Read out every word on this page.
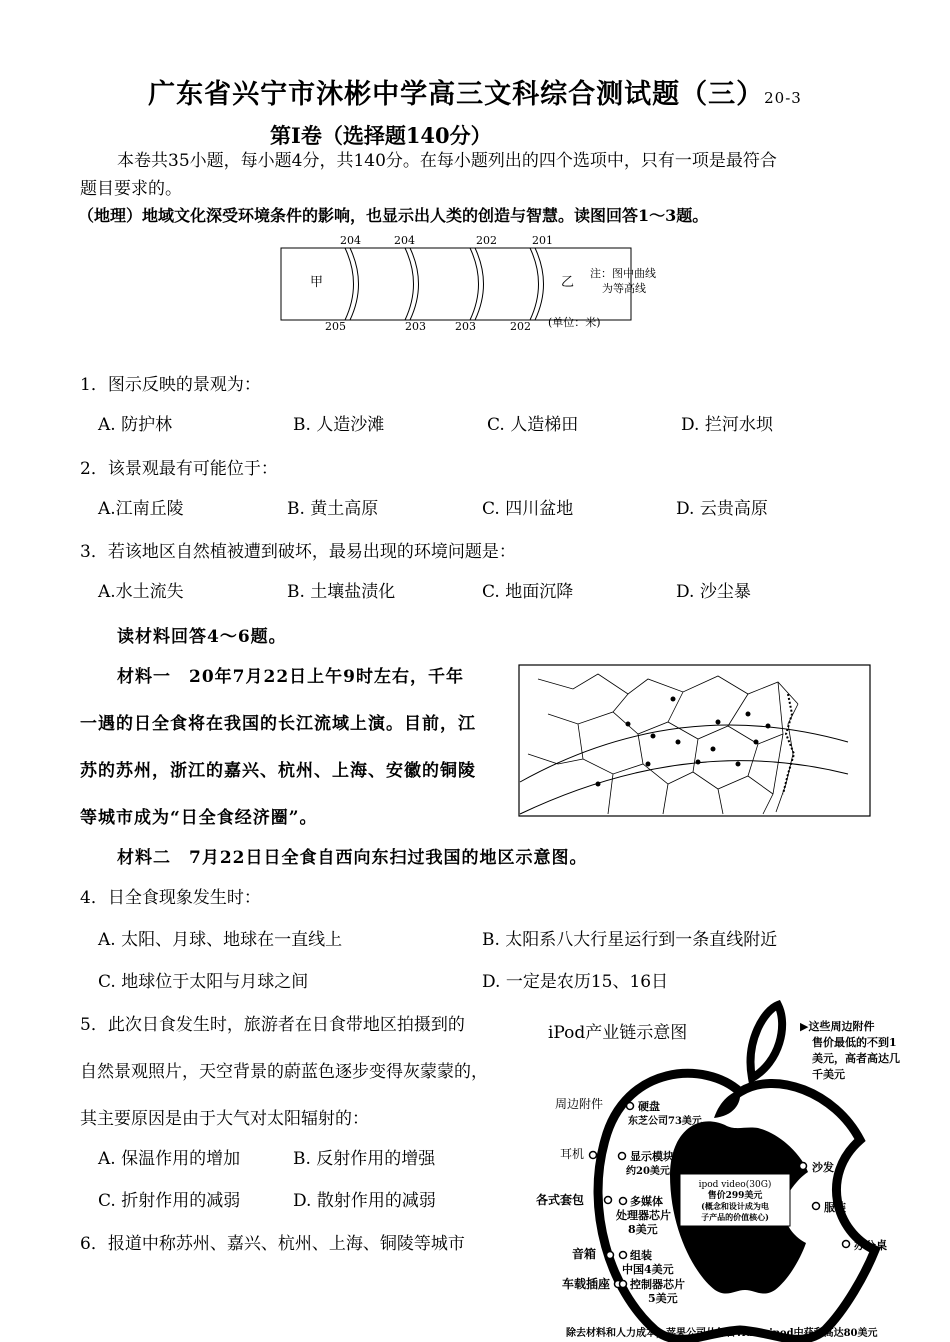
广东省兴宁市沐彬中学高三文科综合测试题（三）20-3
第Ⅰ卷（选择题140分）
本卷共35小题，每小题4分，共140分。在每小题列出的四个选项中，只有一项是最符合
题目要求的。
（地理）地域文化深受环境条件的影响，也显示出人类的创造与智慧。读图回答1～3题。
204	204	202	201
205	203	203	202
甲	乙
注：图中曲线
为等高线
(单位：米)
1．图示反映的景观为：
A. 防护林	B. 人造沙滩	C. 人造梯田	D. 拦河水坝
2．该景观最有可能位于：
A.江南丘陵	B. 黄土高原	C. 四川盆地	D. 云贵高原
3．若该地区自然植被遭到破坏，最易出现的环境问题是：
A.水土流失	B. 土壤盐渍化	C. 地面沉降	D. 沙尘暴
读材料回答4～6题。
材料一　20年7月22日上午9时左右，千年
一遇的日全食将在我国的长江流域上演。目前，江
苏的苏州，浙江的嘉兴、杭州、上海、安徽的铜陵
等城市成为“日全食经济圈”。
材料二　7月22日日全食自西向东扫过我国的地区示意图。
4．日全食现象发生时：
A. 太阳、月球、地球在一直线上	B. 太阳系八大行星运行到一条直线附近
C. 地球位于太阳与月球之间	D. 一定是农历15、16日
5．此次日食发生时，旅游者在日食带地区拍摄到的
自然景观照片，天空背景的蔚蓝色逐步变得灰蒙蒙的，
其主要原因是由于大气对太阳辐射的：
A. 保温作用的增加	B. 反射作用的增强
C. 折射作用的减弱	D. 散射作用的减弱
6．报道中称苏州、嘉兴、杭州、上海、铜陵等城市
ipod video(30G)
售价299美元
(概念和设计成为电
子产品的价值核心)
iPod产业链示意图	▶这些周边附件
售价最低的不到1
美元，高者高达几
千美元
周边附件
耳机
各式套包
音箱
车载插座
硬盘
东芝公司73美元
显示模块
约20美元
多媒体
处理器芯片
8美元
组装
中国4美元
控制器芯片
5美元
沙发
服装
办公桌
除去材料和人力成本，苹果公司从每台video ipod中获利高达80美元
